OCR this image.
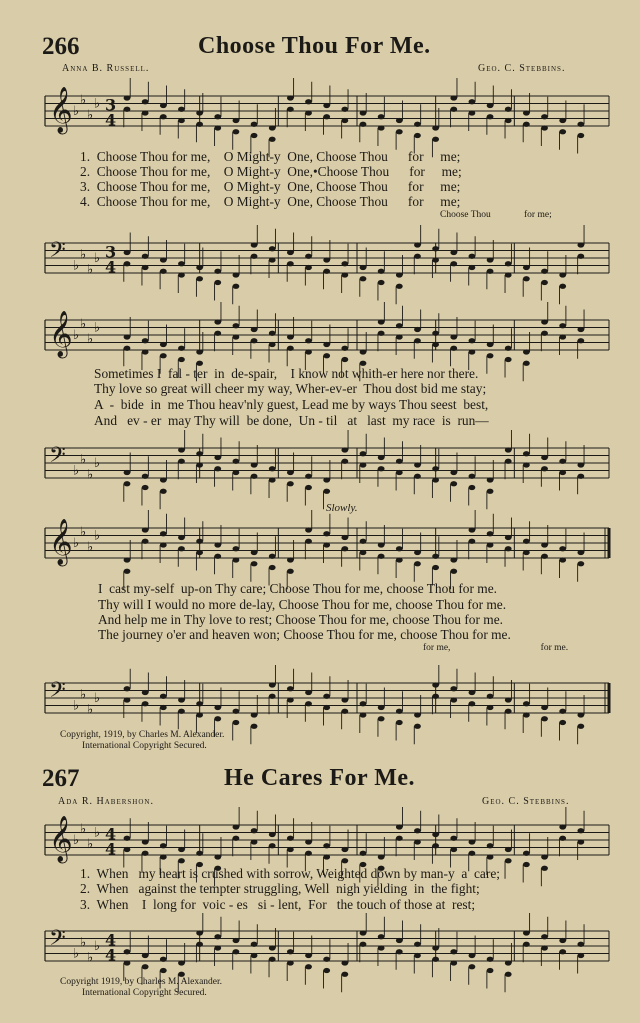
266	Choose Thou For Me.
Anna B. Russell.	Geo. C. Stebbins.
𝄞 ♭
♭
♭
♭ 3
4
1.  Choose Thou for me,    O Might-y  One, Choose Thou      for     me;
2.  Choose Thou for me,    O Might-y  One,•Choose Thou      for     me;
3.  Choose Thou for me,    O Might-y  One, Choose Thou      for     me;
4.  Choose Thou for me,    O Might-y  One, Choose Thou      for     me;
Choose Thou              for me;
𝄢 ♭
♭
♭
♭ 3
4
𝄞 ♭
♭
♭
♭
Sometimes I  fal - ter  in  de-spair,    I know not whith-er here nor there.
Thy love so great will cheer my way, Wher-ev-er  Thou dost bid me stay;
A  -  bide  in  me Thou heav'nly guest, Lead me by ways Thou seest  best,
And   ev - er  may Thy will  be done,  Un - til   at   last  my race  is  run—
𝄢 ♭
♭
♭
♭
Slowly.
𝄞 ♭
♭
♭
♭
I  cast my-self  up-on Thy care; Choose Thou for me, choose Thou for me.
Thy will I would no more de-lay, Choose Thou for me, choose Thou for me.
And help me in Thy love to rest; Choose Thou for me, choose Thou for me.
The journey o'er and heaven won; Choose Thou for me, choose Thou for me.
for me,                                      for me.
𝄢 ♭
♭
♭
♭
Copyright, 1919, by Charles M. Alexander.
International Copyright Secured.
267	He Cares For Me.
Ada R. Habershon.	Geo. C. Stebbins.
𝄞 ♭
♭
♭
♭ 4
4
1.  When   my heart is crushed with sorrow, Weighted down by man-y  a  care;
2.  When   against the tempter struggling, Well  nigh yielding  in  the fight;
3.  When    I  long for  voic - es   si - lent,  For   the touch of those at  rest;
𝄢 ♭
♭
♭
♭ 4
4
Copyright 1919, by Charles M. Alexander.
International Copyright Secured.
